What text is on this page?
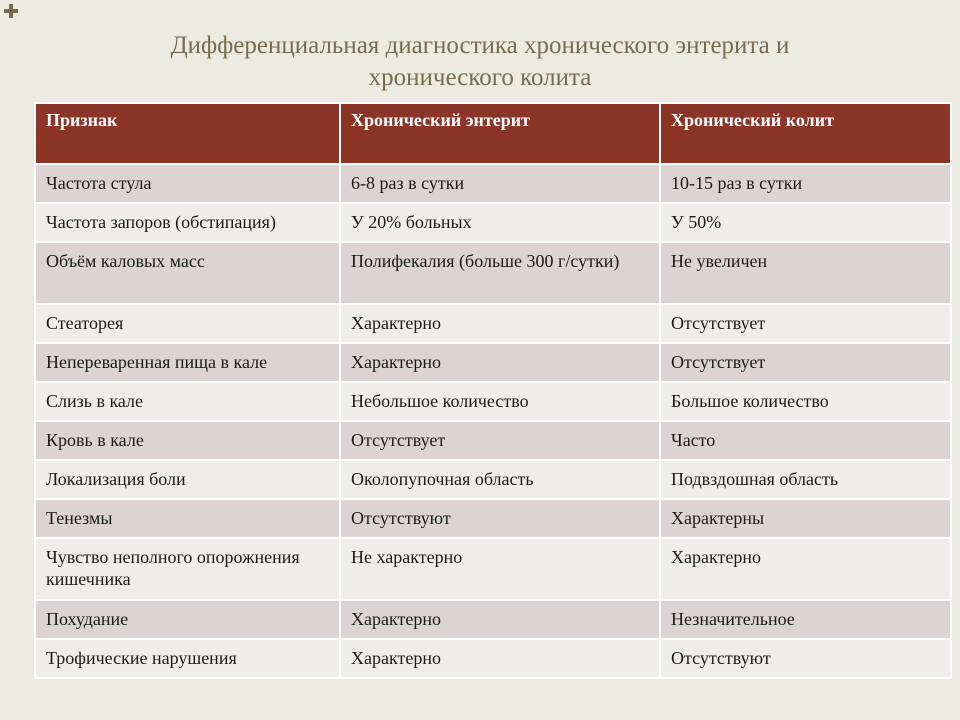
Дифференциальная диагностика хронического энтерита и
хронического колита
Признак	Хронический энтерит	Хронический колит
Частота стула	6-8 раз в сутки	10-15 раз в сутки
Частота запоров (обстипация)	У 20% больных	У 50%
Объём каловых масс	Полифекалия (больше 300 г/сутки)	Не увеличен
Стеаторея	Характерно	Отсутствует
Непереваренная пища в кале	Характерно	Отсутствует
Слизь в кале	Небольшое количество	Большое количество
Кровь в кале	Отсутствует	Часто
Локализация боли	Околопупочная область	Подвздошная область
Тенезмы	Отсутствуют	Характерны
Чувство неполного опорожнения кишечника	Не характерно	Характерно
Похудание	Характерно	Незначительное
Трофические нарушения	Характерно	Отсутствуют
